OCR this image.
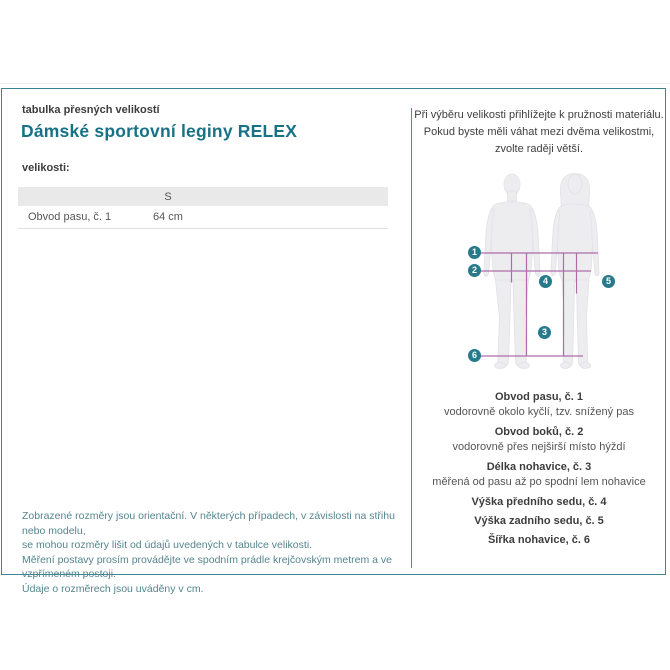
tabulka přesných velikostí
Dámské sportovní leginy RELEX
velikosti:
S
Obvod pasu, č. 1	64 cm
Zobrazené rozměry jsou orientační. V některých případech, v závislosti na střihu nebo modelu,
se mohou rozměry lišit od údajů uvedených v tabulce velikosti.
Měření postavy prosím provádějte ve spodním prádle krejčovským metrem a ve vzpřímeném postoji.
Údaje o rozměrech jsou uváděny v cm.
Při výběru velikosti přihlížejte k pružnosti materiálu.
Pokud byste měli váhat mezi dvěma velikostmi,
zvolte raději větší.
1
2
3
4	5
6
Obvod pasu, č. 1
vodorovně okolo kyčlí, tzv. snížený pas
Obvod boků, č. 2
vodorovně přes nejširší místo hýždí
Délka nohavice, č. 3
měřená od pasu až po spodní lem nohavice
Výška předního sedu, č. 4
Výška zadního sedu, č. 5
Šířka nohavice, č. 6
